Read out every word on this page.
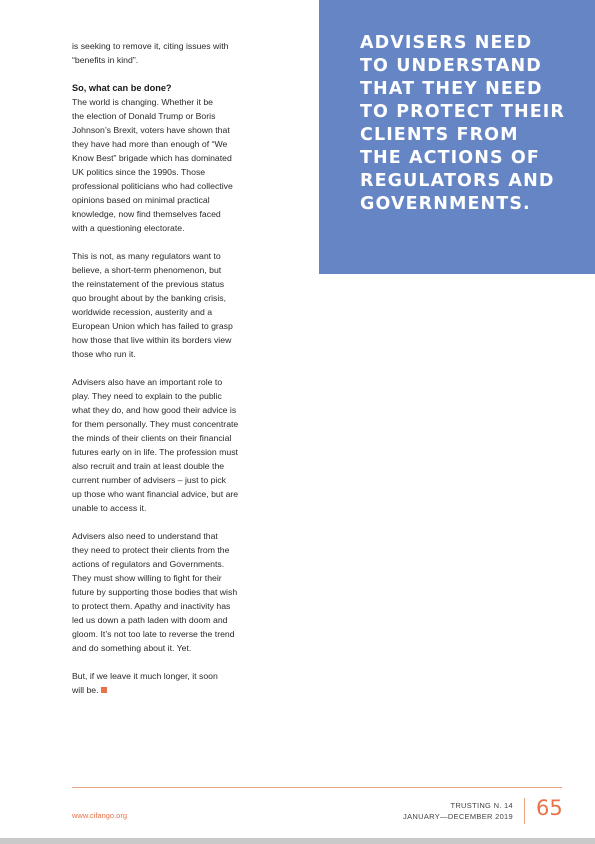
is seeking to remove it, citing issues with
“benefits in kind”.

So, what can be done?

The world is changing. Whether it be
the election of Donald Trump or Boris
Johnson’s Brexit, voters have shown that
they have had more than enough of “We
Know Best” brigade which has dominated
UK politics since the 1990s. Those
professional politicians who had collective
opinions based on minimal practical
knowledge, now find themselves faced
with a questioning electorate.

This is not, as many regulators want to
believe, a short-term phenomenon, but
the reinstatement of the previous status
quo brought about by the banking crisis,
worldwide recession, austerity and a
European Union which has failed to grasp
how those that live within its borders view
those who run it.

Advisers also have an important role to
play. They need to explain to the public
what they do, and how good their advice is
for them personally. They must concentrate
the minds of their clients on their financial
futures early on in life. The profession must
also recruit and train at least double the
current number of advisers – just to pick
up those who want financial advice, but are
unable to access it.

Advisers also need to understand that
they need to protect their clients from the
actions of regulators and Governments.
They must show willing to fight for their
future by supporting those bodies that wish
to protect them. Apathy and inactivity has
led us down a path laden with doom and
gloom. It’s not too late to reverse the trend
and do something about it. Yet.

But, if we leave it much longer, it soon
will be.

ADVISERS NEED
TO UNDERSTAND
THAT THEY NEED
TO PROTECT THEIR
CLIENTS FROM
THE ACTIONS OF
REGULATORS AND
GOVERNMENTS.
www.cifango.org
TRUSTING N. 14
JANUARY—DECEMBER 2019 65
